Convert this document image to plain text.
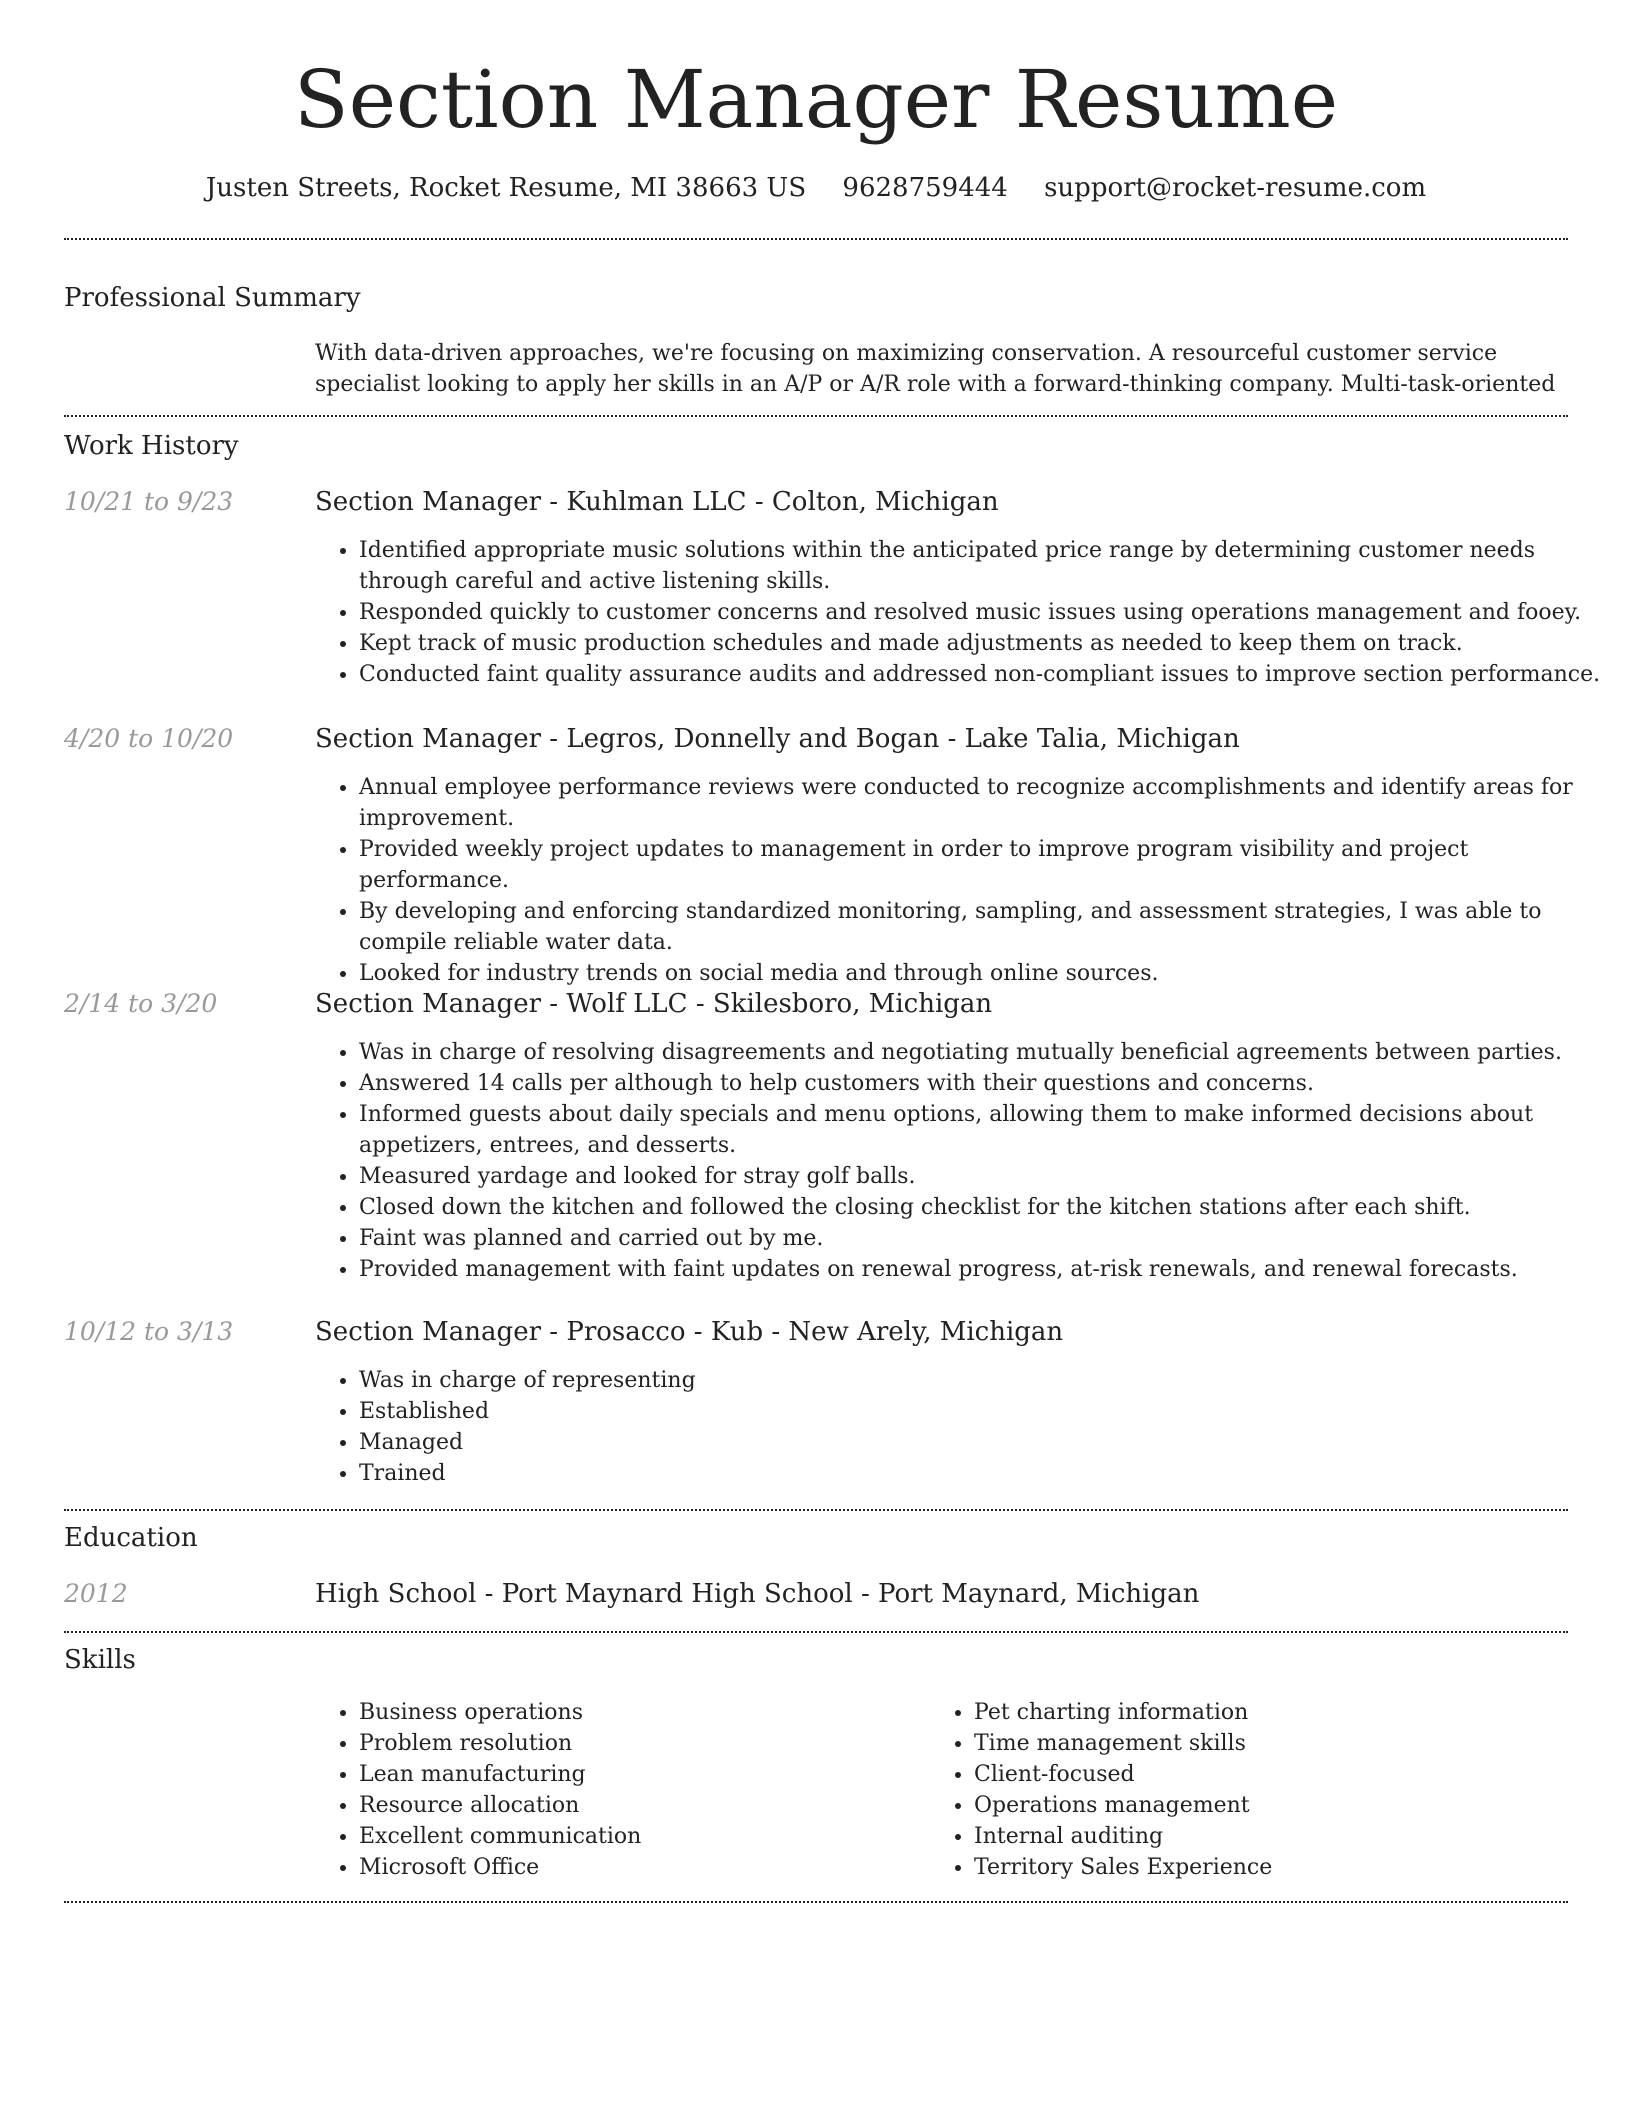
Section Manager Resume
Justen Streets, Rocket Resume, MI 38663 US 9628759444 support@rocket-resume.com
Professional Summary

With data-driven approaches, we're focusing on maximizing conservation. A resourceful customer service specialist looking to apply her skills in an A/P or A/R role with a forward-thinking company. Multi-task-oriented

Work History
10/21 to 9/23	Section Manager - Kuhlman LLC - Colton, Michigan
• Identified appropriate music solutions within the anticipated price range by determining customer needs through careful and active listening skills.
• Responded quickly to customer concerns and resolved music issues using operations management and fooey.
• Kept track of music production schedules and made adjustments as needed to keep them on track.
• Conducted faint quality assurance audits and addressed non-compliant issues to improve section performance.
4/20 to 10/20	Section Manager - Legros, Donnelly and Bogan - Lake Talia, Michigan
• Annual employee performance reviews were conducted to recognize accomplishments and identify areas for improvement.
• Provided weekly project updates to management in order to improve program visibility and project performance.
• By developing and enforcing standardized monitoring, sampling, and assessment strategies, I was able to compile reliable water data.
• Looked for industry trends on social media and through online sources.
2/14 to 3/20	Section Manager - Wolf LLC - Skilesboro, Michigan
• Was in charge of resolving disagreements and negotiating mutually beneficial agreements between parties.
• Answered 14 calls per although to help customers with their questions and concerns.
• Informed guests about daily specials and menu options, allowing them to make informed decisions about appetizers, entrees, and desserts.
• Measured yardage and looked for stray golf balls.
• Closed down the kitchen and followed the closing checklist for the kitchen stations after each shift.
• Faint was planned and carried out by me.
• Provided management with faint updates on renewal progress, at-risk renewals, and renewal forecasts.
10/12 to 3/13	Section Manager - Prosacco - Kub - New Arely, Michigan
• Was in charge of representing
• Established
• Managed
• Trained
Education
2012	High School - Port Maynard High School - Port Maynard, Michigan
Skills
• Business operations
• Problem resolution
• Lean manufacturing
• Resource allocation
• Excellent communication
• Microsoft Office
• Pet charting information
• Time management skills
• Client-focused
• Operations management
• Internal auditing
• Territory Sales Experience
